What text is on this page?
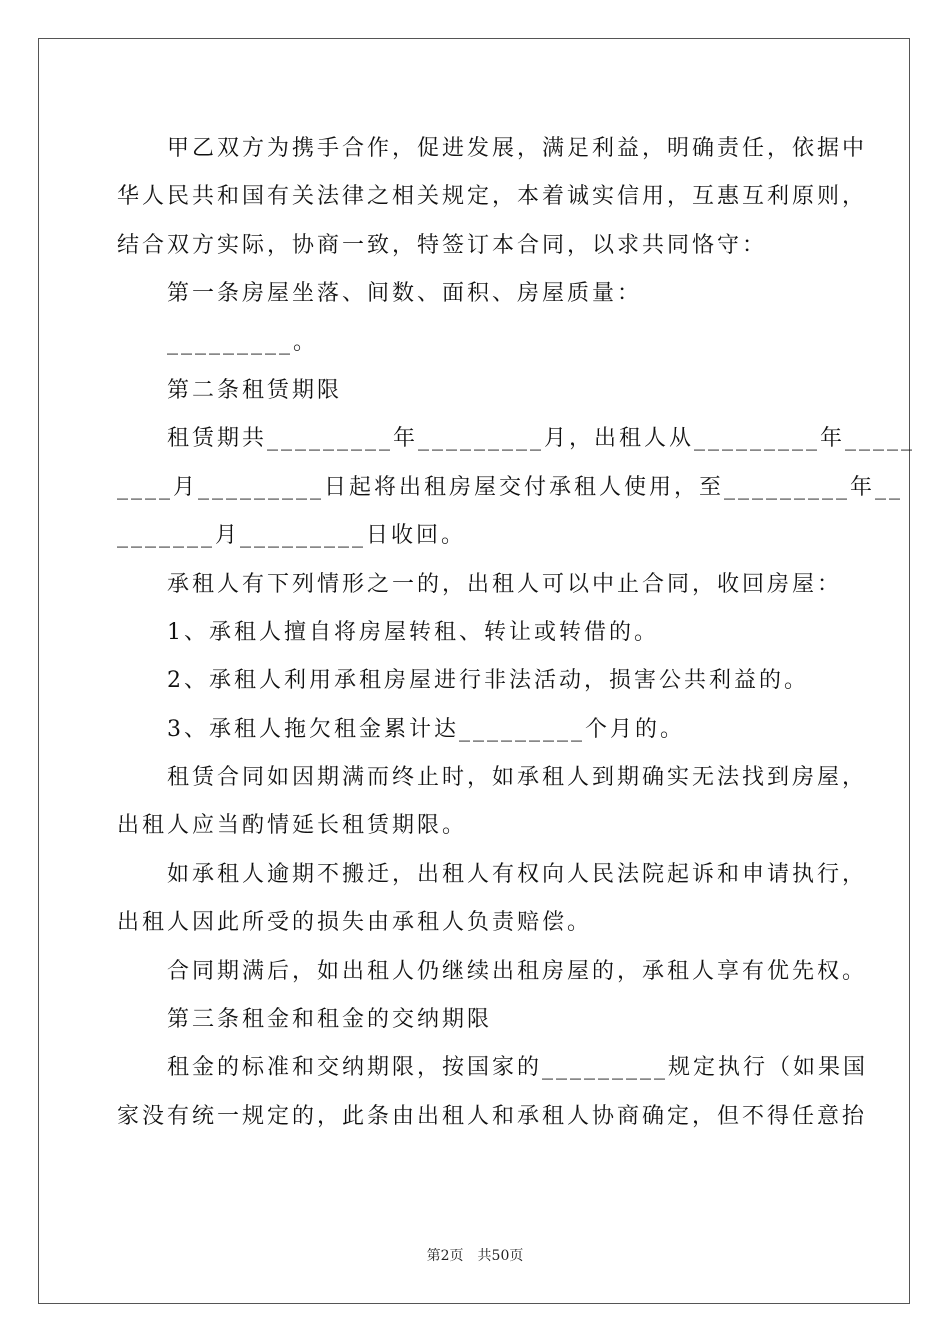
　　甲乙双方为携手合作，促进发展，满足利益，明确责任，依据中
华人民共和国有关法律之相关规定，本着诚实信用，互惠互利原则，
结合双方实际，协商一致，特签订本合同，以求共同恪守：
　　第一条房屋坐落、间数、面积、房屋质量：
　　_________。
　　第二条租赁期限
　　租赁期共_________年_________月，出租人从_________年_____
____月_________日起将出租房屋交付承租人使用，至_________年__
_______月_________日收回。
　　承租人有下列情形之一的，出租人可以中止合同，收回房屋：
　　1、承租人擅自将房屋转租、转让或转借的。
　　2、承租人利用承租房屋进行非法活动，损害公共利益的。
　　3、承租人拖欠租金累计达_________个月的。
　　租赁合同如因期满而终止时，如承租人到期确实无法找到房屋，
出租人应当酌情延长租赁期限。
　　如承租人逾期不搬迁，出租人有权向人民法院起诉和申请执行，
出租人因此所受的损失由承租人负责赔偿。
　　合同期满后，如出租人仍继续出租房屋的，承租人享有优先权。
　　第三条租金和租金的交纳期限
　　租金的标准和交纳期限，按国家的_________规定执行（如果国
家没有统一规定的，此条由出租人和承租人协商确定，但不得任意抬
第2页　共50页
